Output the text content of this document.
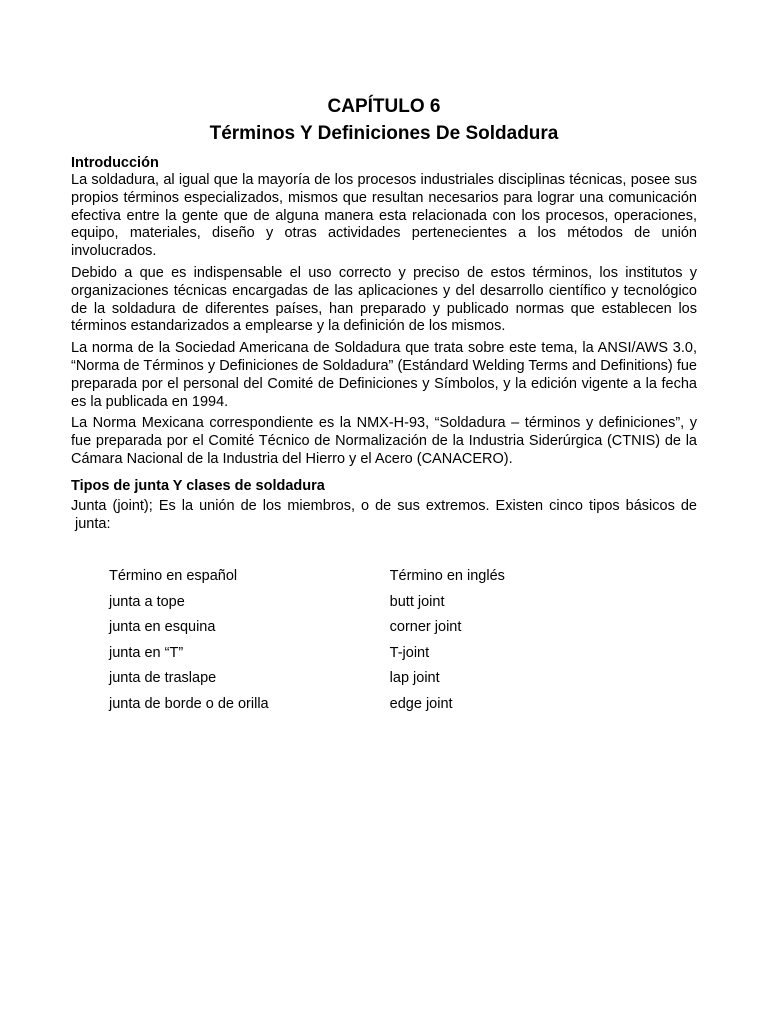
CAPÍTULO 6

Términos Y Definiciones De Soldadura

Introducción

La soldadura, al igual que la mayoría de los procesos industriales disciplinas técnicas, posee sus propios términos especializados, mismos que resultan necesarios para lograr una comunicación efectiva entre la gente que de alguna manera esta relacionada con los procesos, operaciones, equipo, materiales, diseño y otras actividades pertenecientes a los métodos de unión involucrados.

Debido a que es indispensable el uso correcto y preciso de estos términos, los institutos y organizaciones técnicas encargadas de las aplicaciones y del desarrollo científico y tecnológico de la soldadura de diferentes países, han preparado y publicado normas que establecen los términos estandarizados a emplearse y la definición de los mismos.

La norma de la Sociedad Americana de Soldadura que trata sobre este tema, la ANSI/AWS 3.0, “Norma de Términos y Definiciones de Soldadura” (Estándard Welding Terms and Definitions) fue preparada por el personal del Comité de Definiciones y Símbolos, y la edición vigente a la fecha es la publicada en 1994.

La Norma Mexicana correspondiente es la NMX-H-93, “Soldadura – términos y definiciones”, y fue preparada por el Comité Técnico de Normalización de la Industria Siderúrgica (CTNIS) de la Cámara Nacional de la Industria del Hierro y el Acero (CANACERO).

Tipos de junta Y clases de soldadura

Junta (joint); Es la unión de los miembros, o de sus extremos. Existen cinco tipos básicos de junta:

Término en español	Término en inglés
junta a tope	butt joint
junta en esquina	corner joint
junta en “T”	T-joint
junta de traslape	lap joint
junta de borde o de orilla	edge joint
